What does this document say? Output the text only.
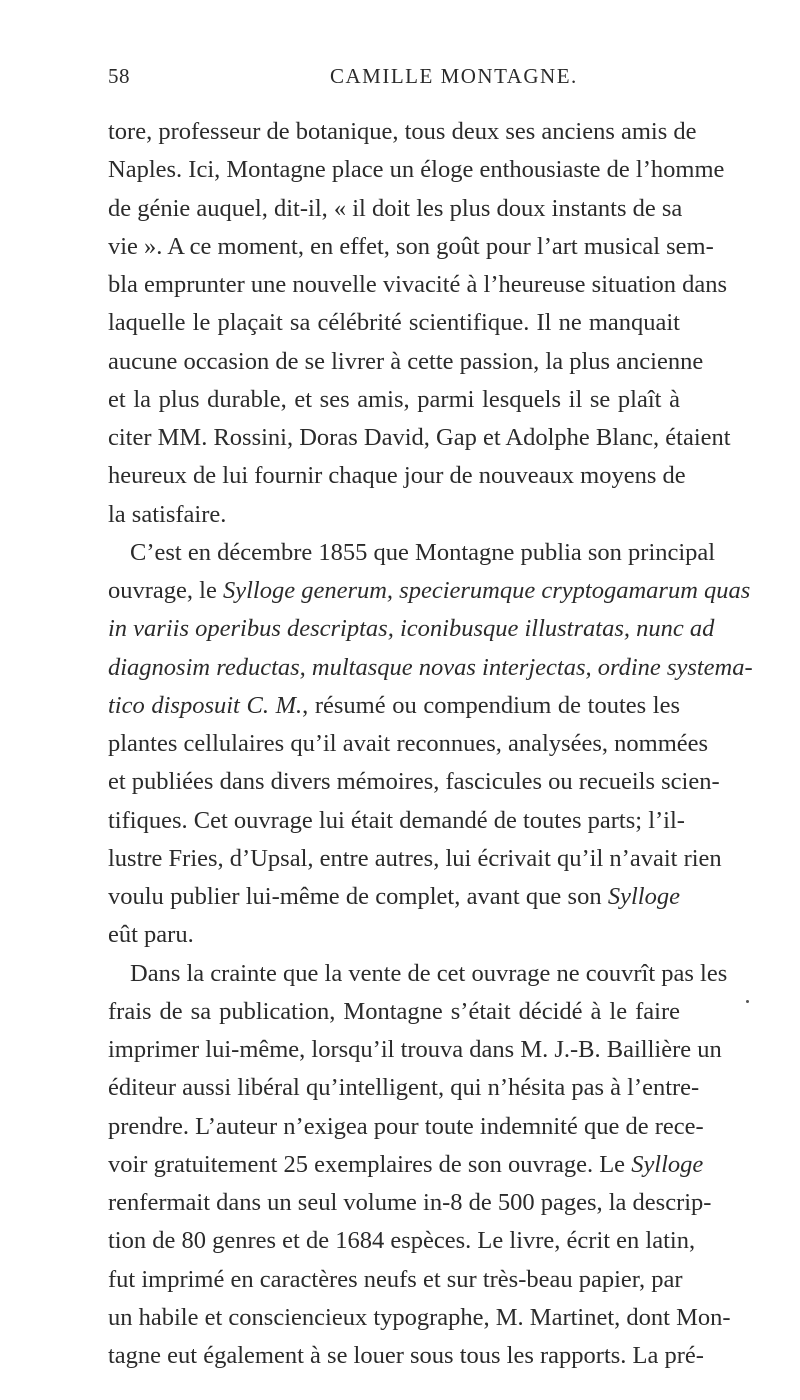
58	CAMILLE MONTAGNE.
tore, professeur de botanique, tous deux ses anciens amis de
Naples. Ici, Montagne place un éloge enthousiaste de l’homme
de génie auquel, dit-il, « il doit les plus doux instants de sa
vie ». A ce moment, en effet, son goût pour l’art musical sem-
bla emprunter une nouvelle vivacité à l’heureuse situation dans
laquelle le plaçait sa célébrité scientifique. Il ne manquait
aucune occasion de se livrer à cette passion, la plus ancienne
et la plus durable, et ses amis, parmi lesquels il se plaît à
citer MM. Rossini, Doras David, Gap et Adolphe Blanc, étaient
heureux de lui fournir chaque jour de nouveaux moyens de
la satisfaire.
C’est en décembre 1855 que Montagne publia son principal
ouvrage, le Sylloge generum, specierumque cryptogamarum quas
in variis operibus descriptas, iconibusque illustratas, nunc ad
diagnosim reductas, multasque novas interjectas, ordine systema-
tico disposuit C. M., résumé ou compendium de toutes les
plantes cellulaires qu’il avait reconnues, analysées, nommées
et publiées dans divers mémoires, fascicules ou recueils scien-
tifiques. Cet ouvrage lui était demandé de toutes parts; l’il-
lustre Fries, d’Upsal, entre autres, lui écrivait qu’il n’avait rien
voulu publier lui-même de complet, avant que son Sylloge
eût paru.
Dans la crainte que la vente de cet ouvrage ne couvrît pas les
frais de sa publication, Montagne s’était décidé à le faire
imprimer lui-même, lorsqu’il trouva dans M. J.-B. Baillière un
éditeur aussi libéral qu’intelligent, qui n’hésita pas à l’entre-
prendre. L’auteur n’exigea pour toute indemnité que de rece-
voir gratuitement 25 exemplaires de son ouvrage. Le Sylloge
renfermait dans un seul volume in-8 de 500 pages, la descrip-
tion de 80 genres et de 1684 espèces. Le livre, écrit en latin,
fut imprimé en caractères neufs et sur très-beau papier, par
un habile et consciencieux typographe, M. Martinet, dont Mon-
tagne eut également à se louer sous tous les rapports. La pré-
